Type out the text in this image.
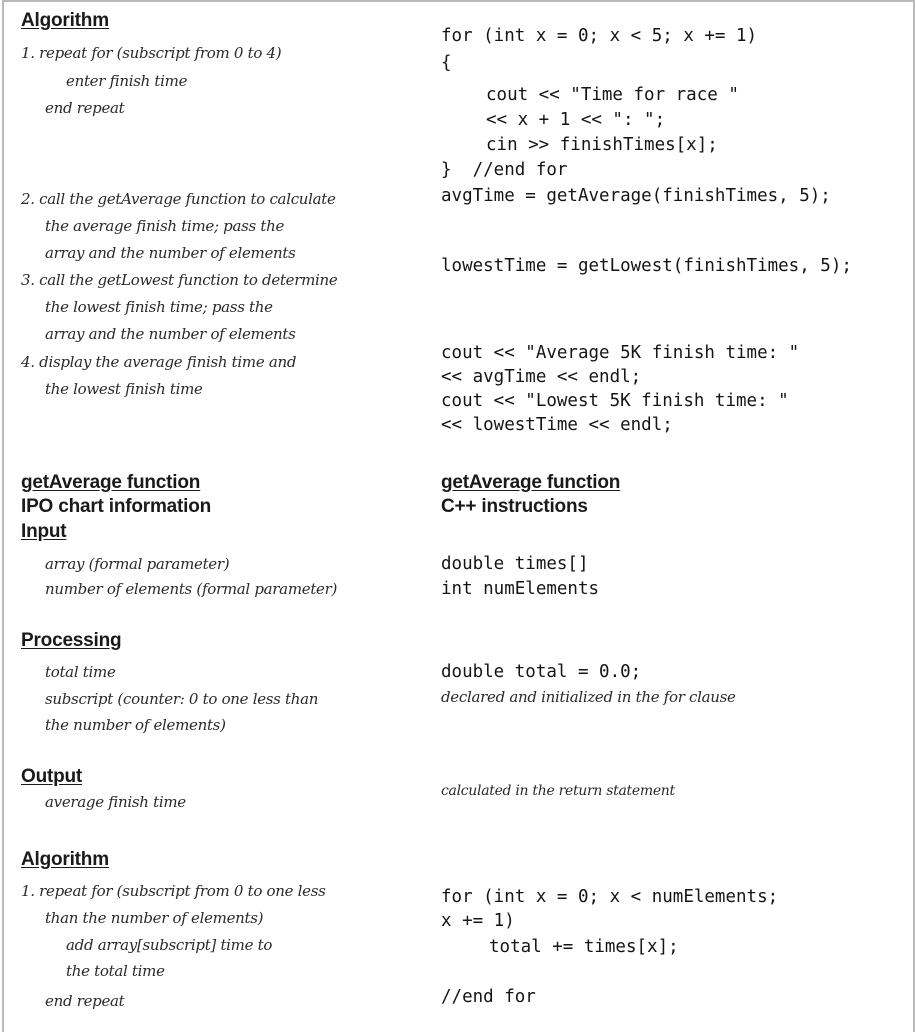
Algorithm
1. repeat for (subscript from 0 to 4)
enter finish time
end repeat
2. call the getAverage function to calculate
the average finish time; pass the
array and the number of elements
3. call the getLowest function to determine
the lowest finish time; pass the
array and the number of elements
4. display the average finish time and
the lowest finish time
for (int x = 0; x < 5; x += 1)
{
cout << "Time for race "
<< x + 1 << ": ";
cin >> finishTimes[x];
}  //end for
avgTime = getAverage(finishTimes, 5);
lowestTime = getLowest(finishTimes, 5);
cout << "Average 5K finish time: "
<< avgTime << endl;
cout << "Lowest 5K finish time: "
<< lowestTime << endl;
getAverage function
IPO chart information
getAverage function
C++ instructions
Input
array (formal parameter)
number of elements (formal parameter)
double times[]
int numElements
Processing
total time
subscript (counter: 0 to one less than
the number of elements)
double total = 0.0;
declared and initialized in the for clause
Output
average finish time
calculated in the return statement
Algorithm
1. repeat for (subscript from 0 to one less
than the number of elements)
add array[subscript] time to
the total time
end repeat
for (int x = 0; x < numElements;
x += 1)
total += times[x];
//end for
